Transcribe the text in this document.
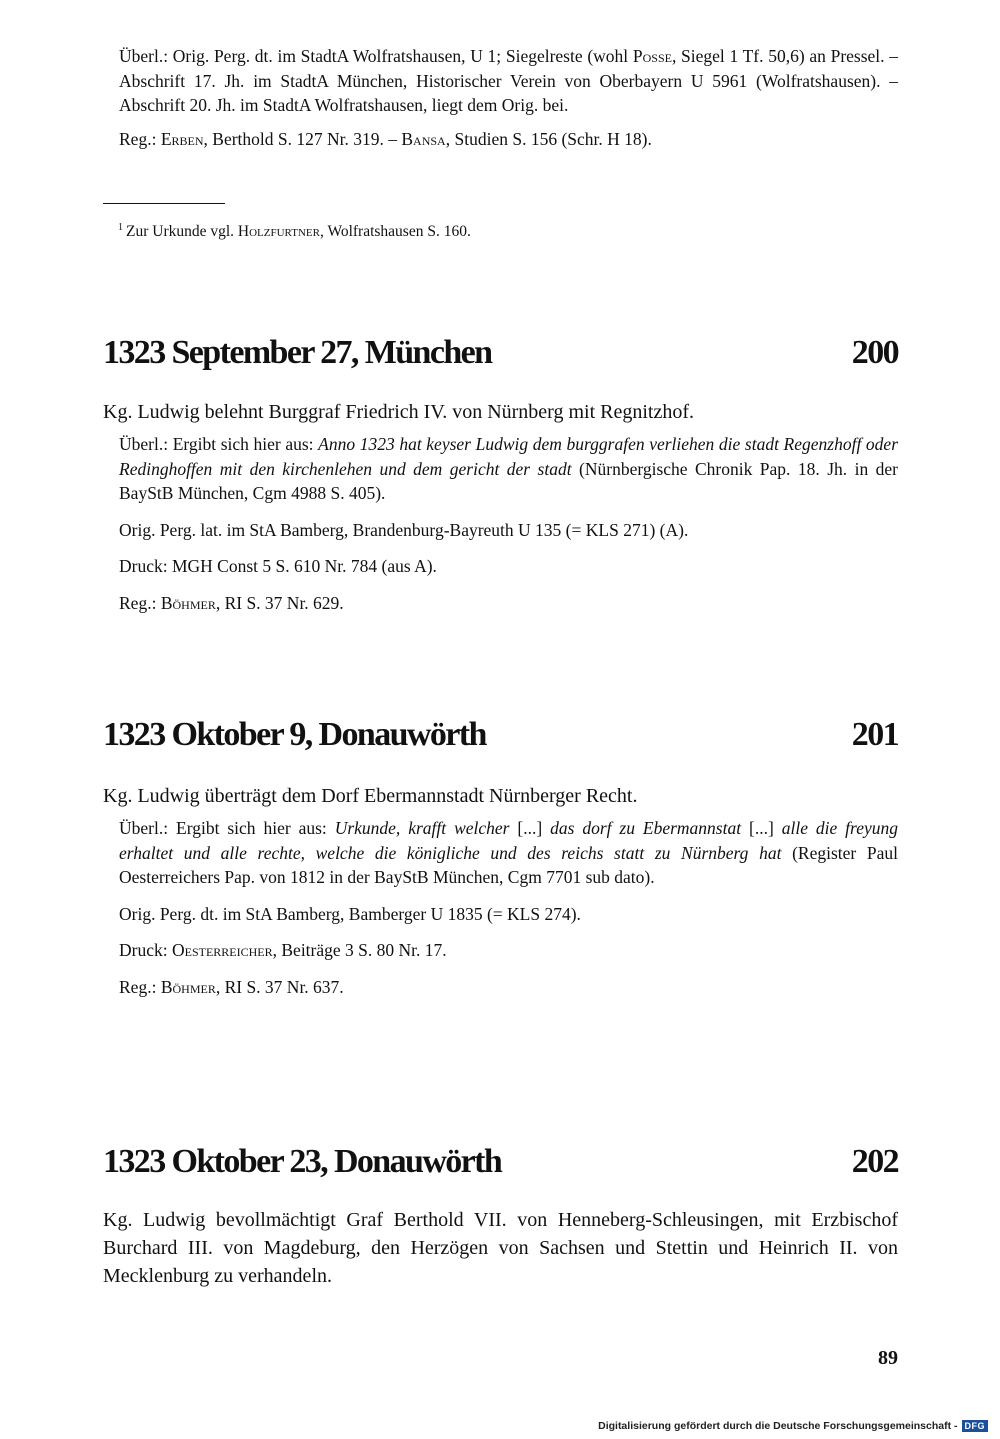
Überl.: Orig. Perg. dt. im StadtA Wolfratshausen, U 1; Siegelreste (wohl Posse, Siegel 1 Tf. 50,6) an Pressel. – Abschrift 17. Jh. im StadtA München, Historischer Verein von Oberbayern U 5961 (Wolfratshausen). – Abschrift 20. Jh. im StadtA Wolfratshausen, liegt dem Orig. bei.

Reg.: Erben, Berthold S. 127 Nr. 319. – Bansa, Studien S. 156 (Schr. H 18).

$^1$ Zur Urkunde vgl. Holzfurtner, Wolfratshausen S. 160.
1323 September 27, München	200

Kg. Ludwig belehnt Burggraf Friedrich IV. von Nürnberg mit Regnitzhof.

Überl.: Ergibt sich hier aus: Anno 1323 hat keyser Ludwig dem burggrafen verliehen die stadt Regenzhoff oder Redinghoffen mit den kirchenlehen und dem gericht der stadt (Nürnbergische Chronik Pap. 18. Jh. in der BayStB München, Cgm 4988 S. 405).

Orig. Perg. lat. im StA Bamberg, Brandenburg-Bayreuth U 135 (= KLS 271) (A).

Druck: MGH Const 5 S. 610 Nr. 784 (aus A).

Reg.: Böhmer, RI S. 37 Nr. 629.

1323 Oktober 9, Donauwörth	201

Kg. Ludwig überträgt dem Dorf Ebermannstadt Nürnberger Recht.

Überl.: Ergibt sich hier aus: Urkunde, krafft welcher [...] das dorf zu Ebermannstat [...] alle die freyung erhaltet und alle rechte, welche die königliche und des reichs statt zu Nürnberg hat (Register Paul Oesterreichers Pap. von 1812 in der BayStB München, Cgm 7701 sub dato).

Orig. Perg. dt. im StA Bamberg, Bamberger U 1835 (= KLS 274).

Druck: Oesterreicher, Beiträge 3 S. 80 Nr. 17.

Reg.: Böhmer, RI S. 37 Nr. 637.

1323 Oktober 23, Donauwörth	202

Kg. Ludwig bevollmächtigt Graf Berthold VII. von Henneberg-Schleusingen, mit Erzbischof Burchard III. von Magdeburg, den Herzögen von Sachsen und Stettin und Heinrich II. von Mecklenburg zu verhandeln.

89
Digitalisierung gefördert durch die Deutsche Forschungsgemeinschaft - DFG
